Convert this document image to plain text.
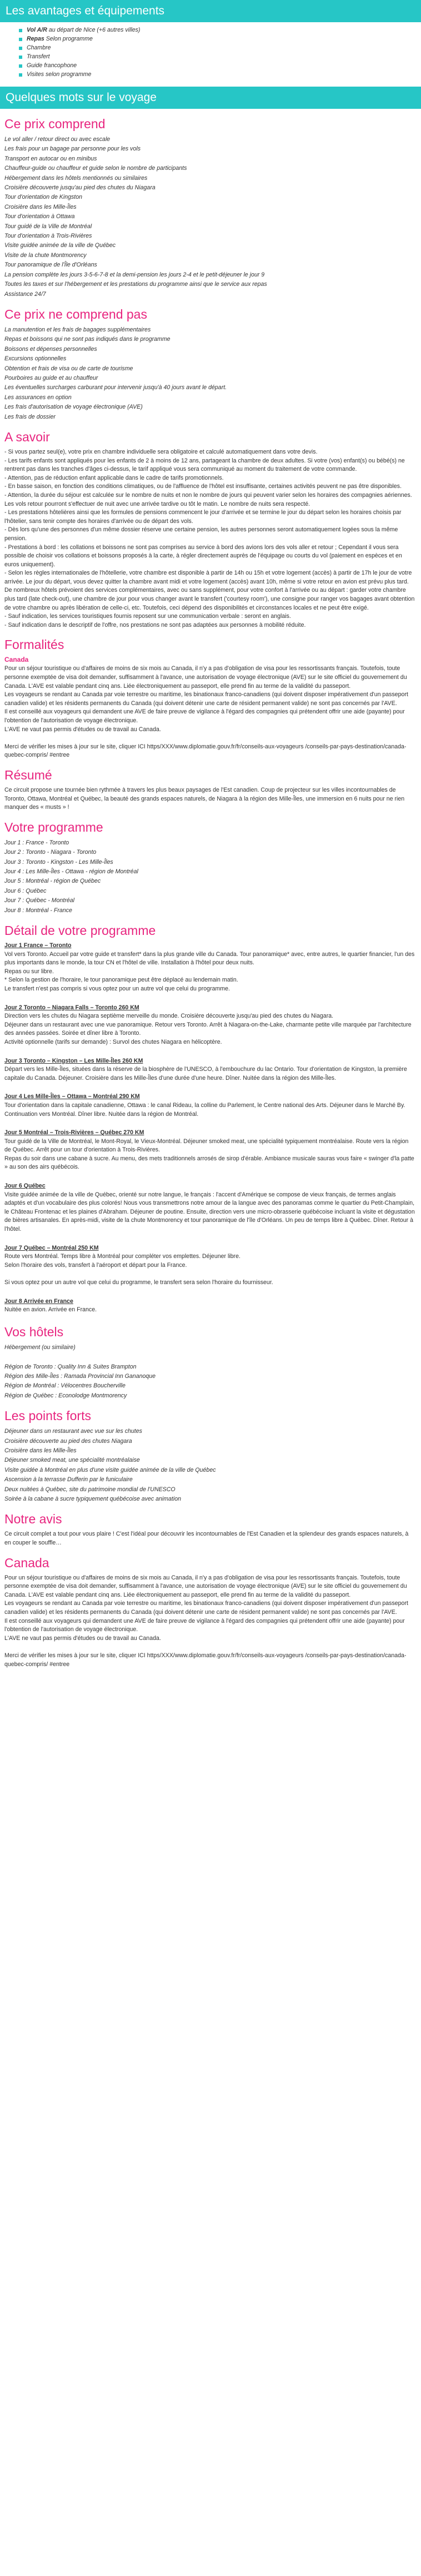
Les avantages et équipements
Vol A/R au départ de Nice (+6 autres villes)
Repas Selon programme
Chambre
Transfert
Guide francophone
Visites selon programme
Quelques mots sur le voyage
Ce prix comprend

Le vol aller / retour direct ou avec escale

Les frais pour un bagage par personne pour les vols

Transport en autocar ou en minibus

Chauffeur-guide ou chauffeur et guide selon le nombre de participants

Hébergement dans les hôtels mentionnés ou similaires

Croisière découverte jusqu'au pied des chutes du Niagara

Tour d'orientation de Kingston

Croisière dans les Mille-Îles

Tour d'orientation à Ottawa

Tour guidé de la Ville de Montréal

Tour d'orientation à Trois-Rivières

Visite guidée animée de la ville de Québec

Visite de la chute Montmorency

Tour panoramique de l'Île d'Orléans

La pension complète les jours 3-5-6-7-8 et la demi-pension les jours 2-4 et le petit-déjeuner le jour 9

Toutes les taxes et sur l'hébergement et les prestations du programme ainsi que le service aux repas

Assistance 24/7

Ce prix ne comprend pas

La manutention et les frais de bagages supplémentaires

Repas et boissons qui ne sont pas indiqués dans le programme

Boissons et dépenses personnelles

Excursions optionnelles

Obtention et frais de visa ou de carte de tourisme

Pourboires au guide et au chauffeur

Les éventuelles surcharges carburant pour intervenir jusqu'à 40 jours avant le départ.

Les assurances en option

Les frais d'autorisation de voyage électronique (AVE)

Les frais de dossier

A savoir

- Si vous partez seul(e), votre prix en chambre individuelle sera obligatoire et calculé automatiquement dans votre devis.

- Les tarifs enfants sont appliqués pour les enfants de 2 à moins de 12 ans, partageant la chambre de deux adultes. Si votre (vos) enfant(s) ou bébé(s) ne rentrent pas dans les tranches d'âges ci-dessus, le tarif appliqué vous sera communiqué au moment du traitement de votre commande.

- Attention, pas de réduction enfant applicable dans le cadre de tarifs promotionnels.

- En basse saison, en fonction des conditions climatiques, ou de l'affluence de l'hôtel est insuffisante, certaines activités peuvent ne pas être disponibles.

- Attention, la durée du séjour est calculée sur le nombre de nuits et non le nombre de jours qui peuvent varier selon les horaires des compagnies aériennes. Les vols retour pourront s'effectuer de nuit avec une arrivée tardive ou tôt le matin. Le nombre de nuits sera respecté.

- Les prestations hôtelières ainsi que les formules de pensions commencent le jour d'arrivée et se termine le jour du départ selon les horaires choisis par l'hôtelier, sans tenir compte des horaires d'arrivée ou de départ des vols.

- Dès lors qu'une des personnes d'un même dossier réserve une certaine pension, les autres personnes seront automatiquement logées sous la même pension.

- Prestations à bord : les collations et boissons ne sont pas comprises au service à bord des avions lors des vols aller et retour ; Cependant il vous sera possible de choisir vos collations et boissons proposés à la carte, à régler directement auprès de l'équipage ou courts du vol (paiement en espèces et en euros uniquement).

- Selon les règles internationales de l'hôtellerie, votre chambre est disponible à partir de 14h ou 15h et votre logement (accès) à partir de 17h le jour de votre arrivée. Le jour du départ, vous devez quitter la chambre avant midi et votre logement (accès) avant 10h, même si votre retour en avion est prévu plus tard. De nombreux hôtels prévoient des services complémentaires, avec ou sans supplément, pour votre confort à l'arrivée ou au départ : garder votre chambre plus tard (late check-out), une chambre de jour pour vous changer avant le transfert ('courtesy room'), une consigne pour ranger vos bagages avant obtention de votre chambre ou après libération de celle-ci, etc. Toutefois, ceci dépend des disponibilités et circonstances locales et ne peut être exigé.

- Sauf indication, les services touristiques fournis reposent sur une communication verbale : seront en anglais.

- Sauf indication dans le descriptif de l'offre, nos prestations ne sont pas adaptées aux personnes à mobilité réduite.

Formalités
Canada

Pour un séjour touristique ou d'affaires de moins de six mois au Canada, il n'y a pas d'obligation de visa pour les ressortissants français. Toutefois, toute personne exemptée de visa doit demander, suffisamment à l'avance, une autorisation de voyage électronique (AVE) sur le site officiel du gouvernement du Canada. L'AVE est valable pendant cinq ans. Liée électroniquement au passeport, elle prend fin au terme de la validité du passeport.

Les voyageurs se rendant au Canada par voie terrestre ou maritime, les binationaux franco-canadiens (qui doivent disposer impérativement d'un passeport canadien valide) et les résidents permanents du Canada (qui doivent détenir une carte de résident permanent valide) ne sont pas concernés par l'AVE.

Il est conseillé aux voyageurs qui demandent une AVE de faire preuve de vigilance à l'égard des compagnies qui prétendent offrir une aide (payante) pour l'obtention de l'autorisation de voyage électronique.

L'AVE ne vaut pas permis d'études ou de travail au Canada.

Merci de vérifier les mises à jour sur le site, cliquer ICI https/XXX/www.diplomatie.gouv.fr/fr/conseils-aux-voyageurs /conseils-par-pays-destination/canada-quebec-compris/ #entree

Résumé

Ce circuit propose une tournée bien rythmée à travers les plus beaux paysages de l'Est canadien. Coup de projecteur sur les villes incontournables de Toronto, Ottawa, Montréal et Québec, la beauté des grands espaces naturels, de Niagara à la région des Mille-Îles, une immersion en 6 nuits pour ne rien manquer des « musts » !

Votre programme

Jour 1 : France - Toronto

Jour 2 : Toronto - Niagara - Toronto

Jour 3 : Toronto - Kingston - Les Mille-Îles

Jour 4 : Les Mille-Îles - Ottawa - région de Montréal

Jour 5 : Montréal - région de Québec

Jour 6 : Québec

Jour 7 : Québec - Montréal

Jour 8 : Montréal - France

Détail de votre programme

Jour 1 France – Toronto

Vol vers Toronto. Accueil par votre guide et transfert* dans la plus grande ville du Canada. Tour panoramique* avec, entre autres, le quartier financier, l'un des plus importants dans le monde, la tour CN et l'hôtel de ville. Installation à l'hôtel pour deux nuits.

Repas ou sur libre.

* Selon la gestion de l'horaire, le tour panoramique peut être déplacé au lendemain matin.

Le transfert n'est pas compris si vous optez pour un autre vol que celui du programme.

Jour 2 Toronto – Niagara Falls – Toronto 260 KM

Direction vers les chutes du Niagara septième merveille du monde. Croisière découverte jusqu'au pied des chutes du Niagara.

Déjeuner dans un restaurant avec une vue panoramique. Retour vers Toronto. Arrêt à Niagara-on-the-Lake, charmante petite ville marquée par l'architecture des années passées. Soirée et dîner libre à Toronto.

Activité optionnelle (tarifs sur demande) : Survol des chutes Niagara en hélicoptère.

Jour 3 Toronto – Kingston – Les Mille-Îles 260 KM

Départ vers les Mille-Îles, situées dans la réserve de la biosphère de l'UNESCO, à l'embouchure du lac Ontario. Tour d'orientation de Kingston, la première capitale du Canada. Déjeuner. Croisière dans les Mille-Îles d'une durée d'une heure. Dîner. Nuitée dans la région des Mille-Îles.

Jour 4 Les Mille-Îles – Ottawa – Montréal 290 KM

Tour d'orientation dans la capitale canadienne, Ottawa : le canal Rideau, la colline du Parlement, le Centre national des Arts. Déjeuner dans le Marché By. Continuation vers Montréal. Dîner libre. Nuitée dans la région de Montréal.

Jour 5 Montréal – Trois-Rivières – Québec 270 KM

Tour guidé de la Ville de Montréal, le Mont-Royal, le Vieux-Montréal. Déjeuner smoked meat, une spécialité typiquement montréalaise. Route vers la région de Québec. Arrêt pour un tour d'orientation à Trois-Rivières.

Repas du soir dans une cabane à sucre. Au menu, des mets traditionnels arrosés de sirop d'érable. Ambiance musicale sauras vous faire « swinger d'la patte » au son des airs québécois.

Jour 6 Québec

Visite guidée animée de la ville de Québec, orienté sur notre langue, le français : l'accent d'Amérique se compose de vieux français, de termes anglais adaptés et d'un vocabulaire des plus colorés! Nous vous transmettrons notre amour de la langue avec des panoramas comme le quartier du Petit-Champlain, le Château Frontenac et les plaines d'Abraham. Déjeuner de poutine. Ensuite, direction vers une micro-obrasserie québécoise incluant la visite et dégustation de bières artisanales. En après-midi, visite de la chute Montmorency et tour panoramique de l'île d'Orléans. Un peu de temps libre à Québec. Dîner. Retour à l'hôtel.

Jour 7 Québec – Montréal 250 KM

Route vers Montréal. Temps libre à Montréal pour compléter vos emplettes. Déjeuner libre.

Selon l'horaire des vols, transfert à l'aéroport et départ pour la France.

Si vous optez pour un autre vol que celui du programme, le transfert sera selon l'horaire du fournisseur.

Jour 8 Arrivée en France

Nuitée en avion. Arrivée en France.

Vos hôtels

Hébergement (ou similaire)

Région de Toronto : Quality Inn & Suites Brampton

Région des Mille-Îles : Ramada Provincial Inn Gananoque

Région de Montréal : Vélocentres Boucherville

Région de Québec : Econolodge Montmorency

Les points forts

Déjeuner dans un restaurant avec vue sur les chutes

Croisière découverte au pied des chutes Niagara

Croisière dans les Mille-Îles

Déjeuner smoked meat, une spécialité montréalaise

Visite guidée à Montréal en plus d'une visite guidée animée de la ville de Québec

Ascension à la terrasse Dufferin par le funiculaire

Deux nuitées à Québec, site du patrimoine mondial de l'UNESCO

Soirée à la cabane à sucre typiquement québécoise avec animation

Notre avis

Ce circuit complet a tout pour vous plaire ! C'est l'idéal pour découvrir les incontournables de l'Est Canadien et la splendeur des grands espaces naturels, à en couper le souffle…

Canada

Pour un séjour touristique ou d'affaires de moins de six mois au Canada, il n'y a pas d'obligation de visa pour les ressortissants français. Toutefois, toute personne exemptée de visa doit demander, suffisamment à l'avance, une autorisation de voyage électronique (AVE) sur le site officiel du gouvernement du Canada. L'AVE est valable pendant cinq ans. Liée électroniquement au passeport, elle prend fin au terme de la validité du passeport.

Les voyageurs se rendant au Canada par voie terrestre ou maritime, les binationaux franco-canadiens (qui doivent disposer impérativement d'un passeport canadien valide) et les résidents permanents du Canada (qui doivent détenir une carte de résident permanent valide) ne sont pas concernés par l'AVE.

Il est conseillé aux voyageurs qui demandent une AVE de faire preuve de vigilance à l'égard des compagnies qui prétendent offrir une aide (payante) pour l'obtention de l'autorisation de voyage électronique.

L'AVE ne vaut pas permis d'études ou de travail au Canada.

Merci de vérifier les mises à jour sur le site, cliquer ICI https/XXX/www.diplomatie.gouv.fr/fr/conseils-aux-voyageurs /conseils-par-pays-destination/canada-quebec-compris/ #entree
